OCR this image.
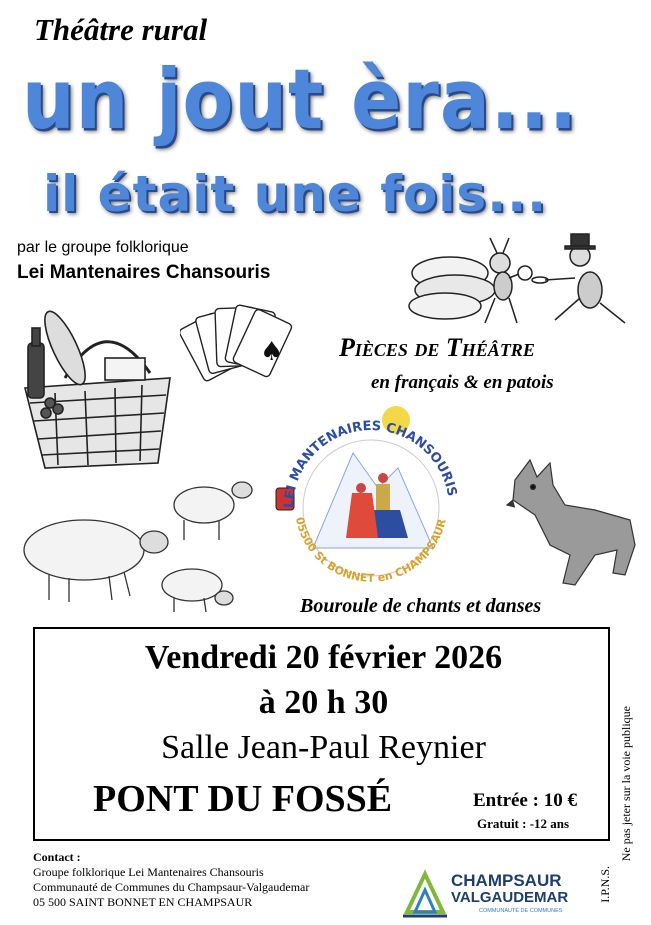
Théâtre rural
un jout èra...
il était une fois...
par le groupe folklorique
Lei Mantenaires Chansouris
♠ Pièces de Théâtre
en français & en patois
LEI MANTENAIRES CHANSOURIS
05500 St BONNET en CHAMPSAUR
Bouroule de chants et danses
Vendredi 20 février 2026
à 20 h 30
Salle Jean-Paul Reynier
PONT DU FOSSÉ	Entrée : 10 €
Gratuit : -12 ans	Ne pas jeter sur la voie publique
I.P.N.S.
Contact :
Groupe folklorique Lei Mantenaires Chansouris
Communauté de Communes du Champsaur-Valgaudemar
05 500 SAINT BONNET EN CHAMPSAUR
CHAMPSAUR
VALGAUDEMAR
COMMUNAUTÉ DE COMMUNES
